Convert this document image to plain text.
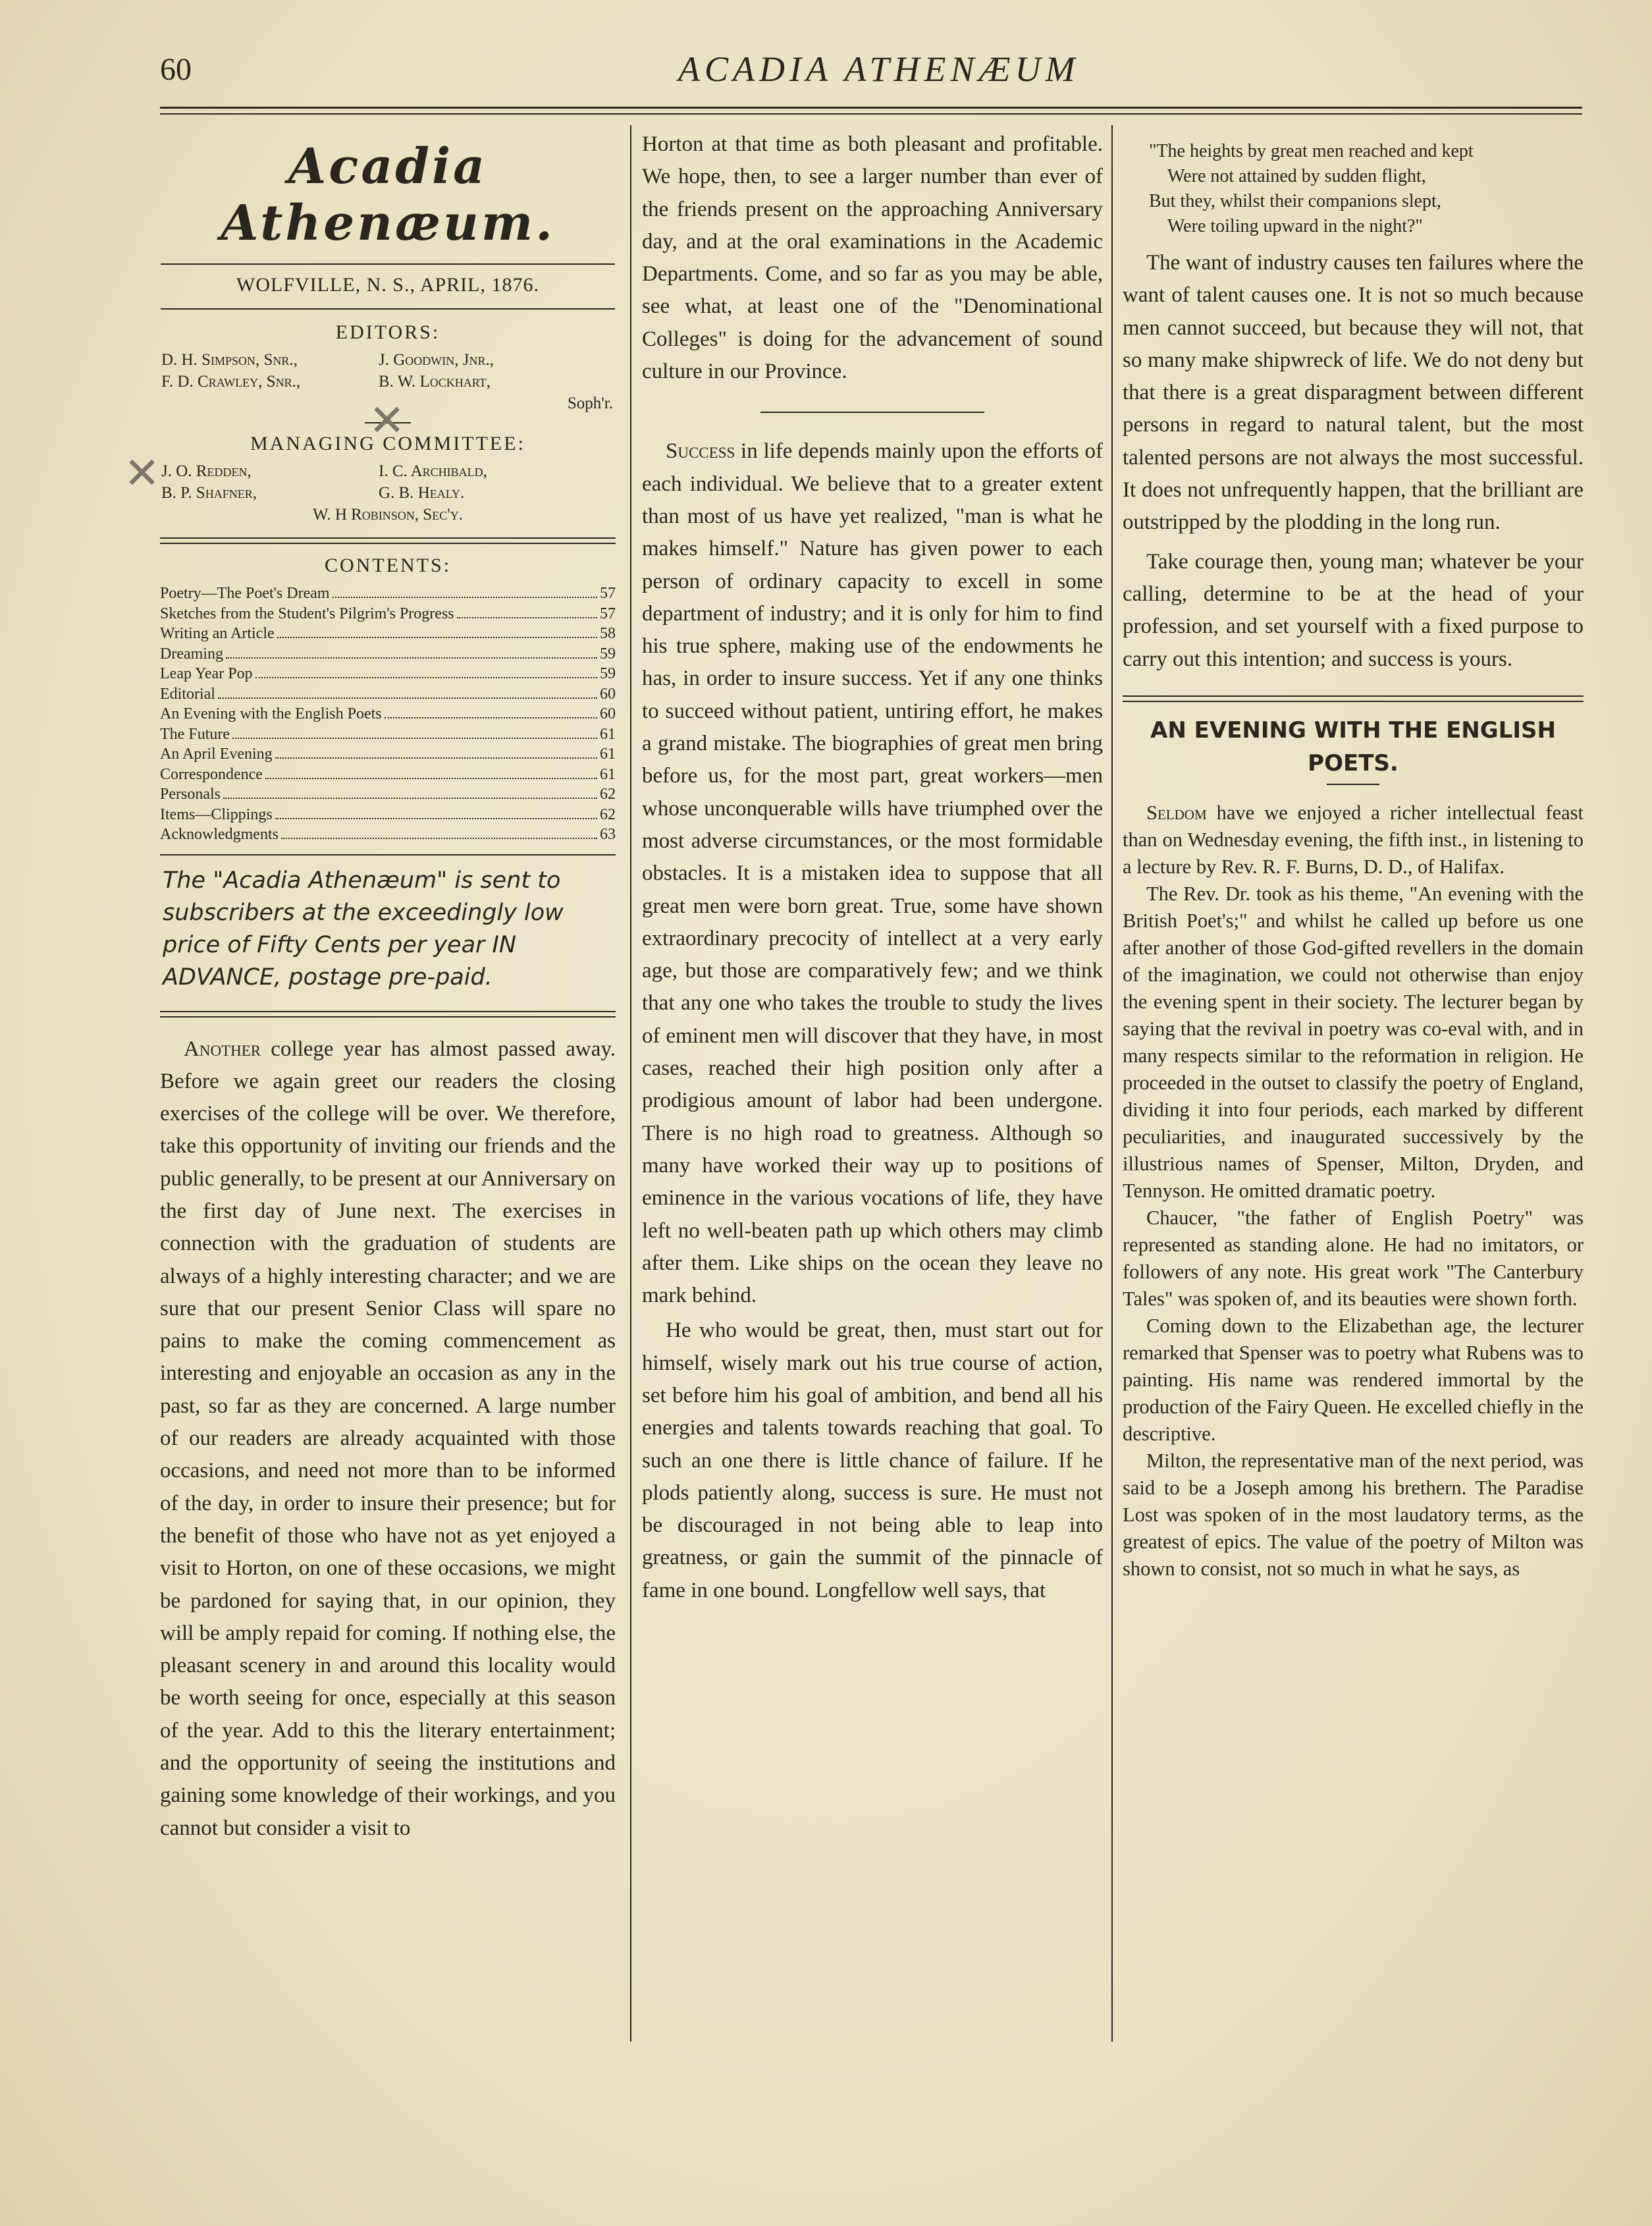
60	ACADIA ATHENÆUM
Acadia Athenæum.
WOLFVILLE, N. S., APRIL, 1876.
EDITORS:
D. H. Simpson, Snr.,	J. Goodwin, Jnr.,
F. D. Crawley, Snr.,	B. W. Lockhart,
Soph'r.
MANAGING COMMITTEE:
J. O. Redden,	I. C. Archibald,
B. P. Shafner,	G. B. Healy.
W. H Robinson, Sec'y.
CONTENTS:
Poetry—The Poet's Dream	57
Sketches from the Student's Pilgrim's Progress	57
Writing an Article	58
Dreaming	59
Leap Year Pop	59
Editorial	60
An Evening with the English Poets	60
The Future	61
An April Evening	61
Correspondence	61
Personals	62
Items—Clippings	62
Acknowledgments	63
The "Acadia Athenæum" is sent to subscribers at the exceedingly low price of Fifty Cents per year IN ADVANCE, postage pre-paid.

Another college year has almost passed away. Before we again greet our readers the closing exercises of the college will be over. We therefore, take this opportunity of inviting our friends and the public generally, to be present at our Anniversary on the first day of June next. The exercises in connection with the graduation of students are always of a highly interesting character; and we are sure that our present Senior Class will spare no pains to make the coming commencement as interesting and enjoyable an occasion as any in the past, so far as they are concerned. A large number of our readers are already acquainted with those occasions, and need not more than to be informed of the day, in order to insure their presence; but for the benefit of those who have not as yet enjoyed a visit to Horton, on one of these occasions, we might be pardoned for saying that, in our opinion, they will be amply repaid for coming. If nothing else, the pleasant scenery in and around this locality would be worth seeing for once, especially at this season of the year. Add to this the literary entertainment; and the opportunity of seeing the institutions and gaining some knowledge of their workings, and you cannot but consider a visit to

Horton at that time as both pleasant and profitable. We hope, then, to see a larger number than ever of the friends present on the approaching Anniversary day, and at the oral examinations in the Academic Departments. Come, and so far as you may be able, see what, at least one of the "Denominational Colleges" is doing for the advancement of sound culture in our Province.

Success in life depends mainly upon the efforts of each individual. We believe that to a greater extent than most of us have yet realized, "man is what he makes himself." Nature has given power to each person of ordinary capacity to excell in some department of industry; and it is only for him to find his true sphere, making use of the endowments he has, in order to insure success. Yet if any one thinks to succeed without patient, untiring effort, he makes a grand mistake. The biographies of great men bring before us, for the most part, great workers—men whose unconquerable wills have triumphed over the most adverse circumstances, or the most formidable obstacles. It is a mistaken idea to suppose that all great men were born great. True, some have shown extraordinary precocity of intellect at a very early age, but those are comparatively few; and we think that any one who takes the trouble to study the lives of eminent men will discover that they have, in most cases, reached their high position only after a prodigious amount of labor had been undergone. There is no high road to greatness. Although so many have worked their way up to positions of eminence in the various vocations of life, they have left no well-beaten path up which others may climb after them. Like ships on the ocean they leave no mark behind.

He who would be great, then, must start out for himself, wisely mark out his true course of action, set before him his goal of ambition, and bend all his energies and talents towards reaching that goal. To such an one there is little chance of failure. If he plods patiently along, success is sure. He must not be discouraged in not being able to leap into greatness, or gain the summit of the pinnacle of fame in one bound. Longfellow well says, that

"The heights by great men reached and kept
Were not attained by sudden flight,
But they, whilst their companions slept,
Were toiling upward in the night?"

The want of industry causes ten failures where the want of talent causes one. It is not so much because men cannot succeed, but because they will not, that so many make shipwreck of life. We do not deny but that there is a great disparagment between different persons in regard to natural talent, but the most talented persons are not always the most successful. It does not unfrequently happen, that the brilliant are outstripped by the plodding in the long run.

Take courage then, young man; whatever be your calling, determine to be at the head of your profession, and set yourself with a fixed purpose to carry out this intention; and success is yours.

AN EVENING WITH THE ENGLISH POETS.

Seldom have we enjoyed a richer intellectual feast than on Wednesday evening, the fifth inst., in listening to a lecture by Rev. R. F. Burns, D. D., of Halifax.

The Rev. Dr. took as his theme, "An evening with the British Poet's;" and whilst he called up before us one after another of those God-gifted revellers in the domain of the imagination, we could not otherwise than enjoy the evening spent in their society. The lecturer began by saying that the revival in poetry was co-eval with, and in many respects similar to the reformation in religion. He proceeded in the outset to classify the poetry of England, dividing it into four periods, each marked by different peculiarities, and inaugurated successively by the illustrious names of Spenser, Milton, Dryden, and Tennyson. He omitted dramatic poetry.

Chaucer, "the father of English Poetry" was represented as standing alone. He had no imitators, or followers of any note. His great work "The Canterbury Tales" was spoken of, and its beauties were shown forth.

Coming down to the Elizabethan age, the lecturer remarked that Spenser was to poetry what Rubens was to painting. His name was rendered immortal by the production of the Fairy Queen. He excelled chiefly in the descriptive.

Milton, the representative man of the next period, was said to be a Joseph among his brethern. The Paradise Lost was spoken of in the most laudatory terms, as the greatest of epics. The value of the poetry of Milton was shown to consist, not so much in what he says, as

✕
✕
